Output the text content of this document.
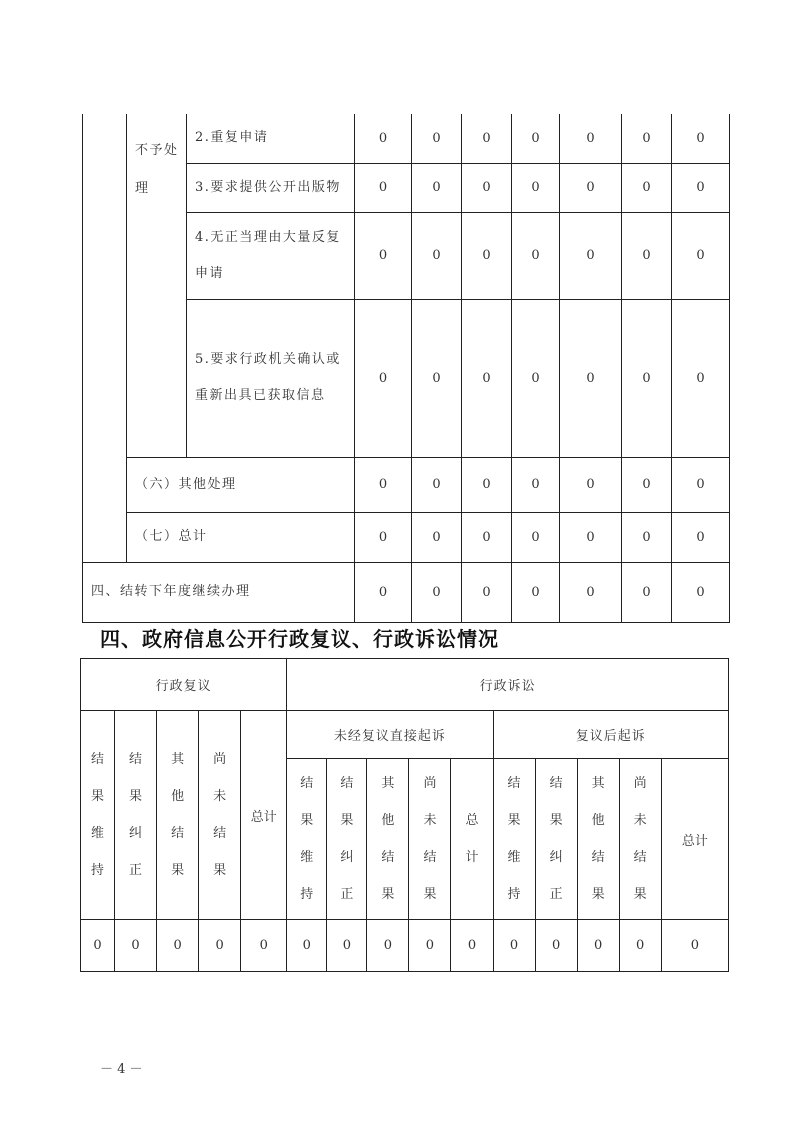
	不予处理	2.重复申请	0	0	0	0	0	0	0
		3.要求提供公开出版物	0	0	0	0	0	0	0
		4.无正当理由大量反复申请	0	0	0	0	0	0	0
		5.要求行政机关确认或重新出具已获取信息	0	0	0	0	0	0	0
	（六）其他处理		0	0	0	0	0	0	0
	（七）总计		0	0	0	0	0	0	0
四、结转下年度继续办理			0	0	0	0	0	0	0
四、政府信息公开行政复议、行政诉讼情况
行政复议					行政诉讼									
结果维持	结果纠正	其他结果	尚未结果	总计	未经复议直接起诉					复议后起诉				
					结果维持	结果纠正	其他结果	尚未结果	总计	结果维持	结果纠正	其他结果	尚未结果	总计
0	0	0	0	0	0	0	0	0	0	0	0	0	0	0
－ 4 －
